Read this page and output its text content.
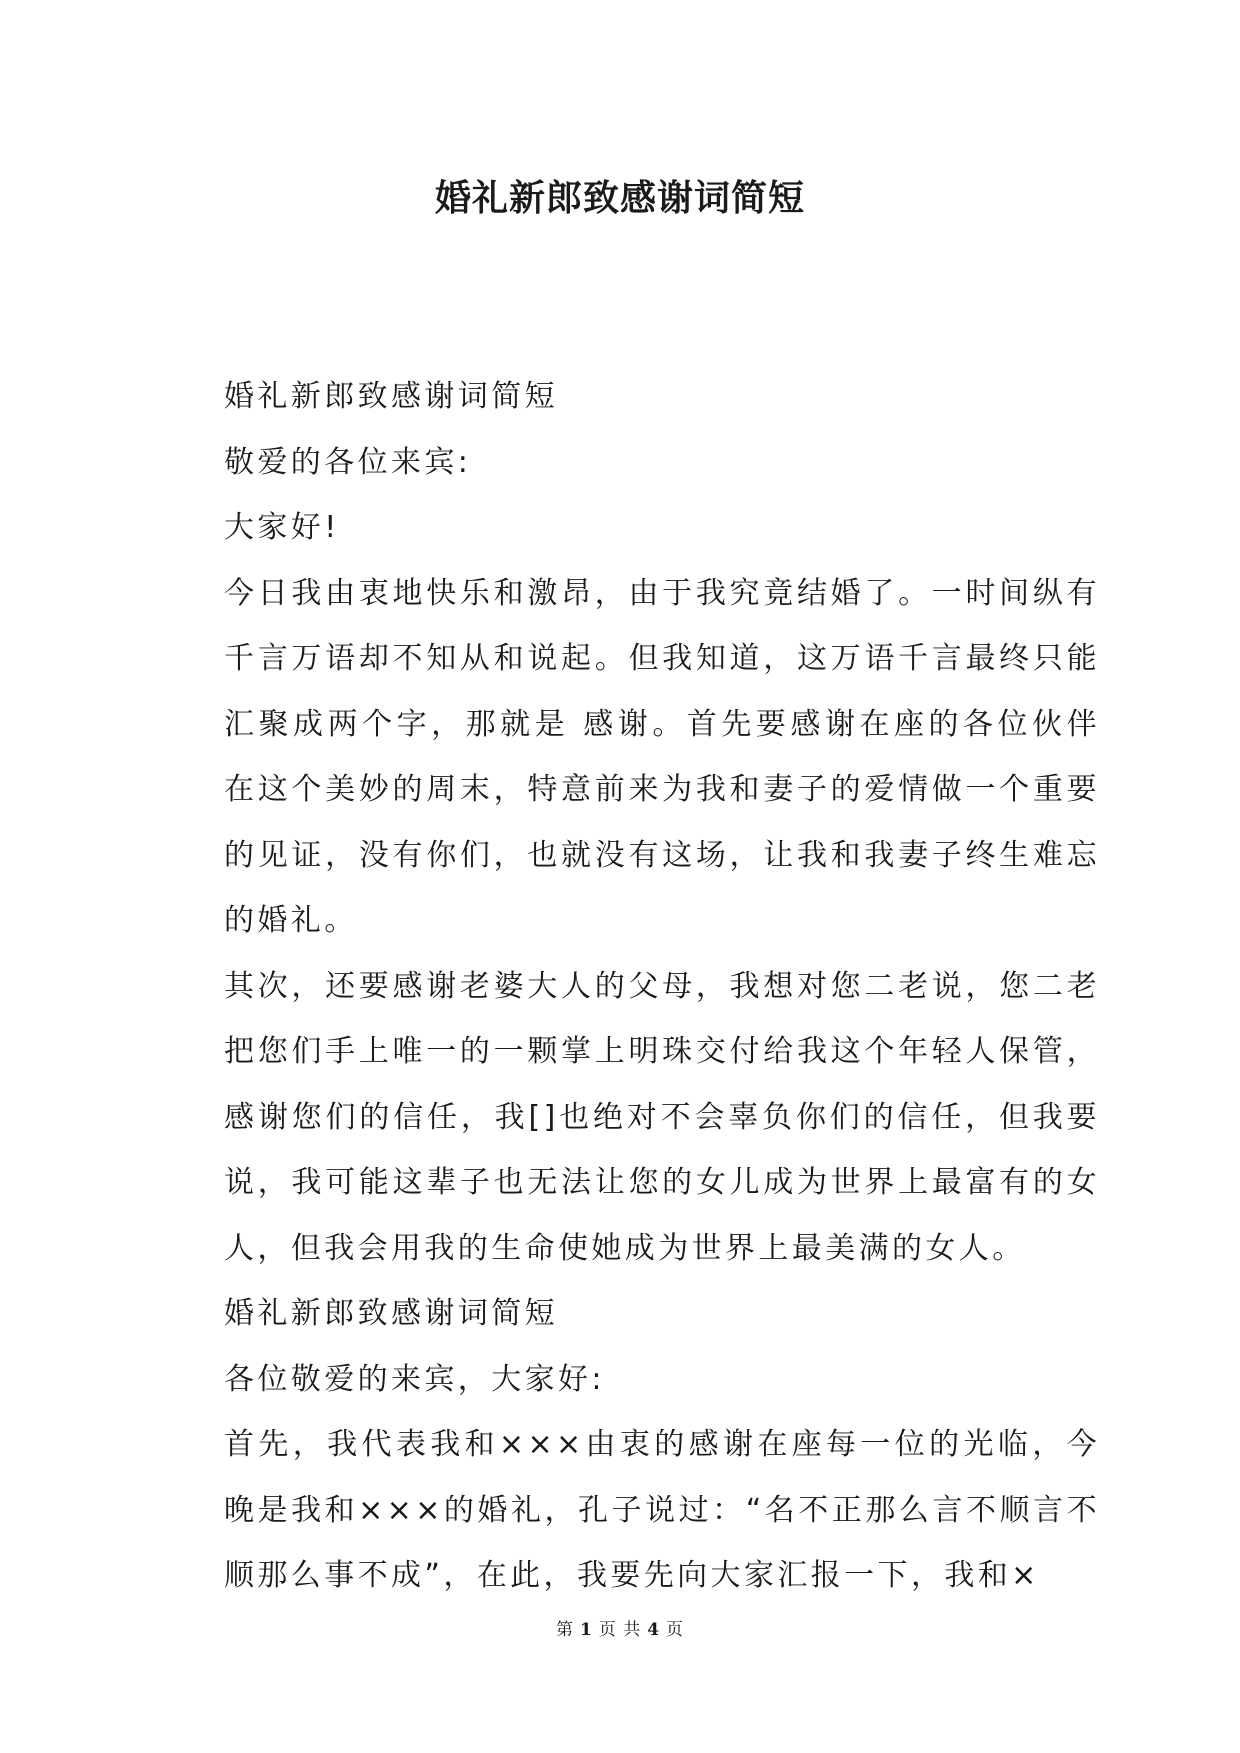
婚礼新郎致感谢词简短

婚礼新郎致感谢词简短

敬爱的各位来宾:

大家好!

今日我由衷地快乐和激昂，由于我究竟结婚了。一时间纵有千言万语却不知从和说起。但我知道，这万语千言最终只能汇聚成两个字，那就是 感谢。首先要感谢在座的各位伙伴在这个美妙的周末，特意前来为我和妻子的爱情做一个重要的见证，没有你们，也就没有这场，让我和我妻子终生难忘的婚礼。

其次，还要感谢老婆大人的父母，我想对您二老说，您二老把您们手上唯一的一颗掌上明珠交付给我这个年轻人保管，感谢您们的信任，我[]也绝对不会辜负你们的信任，但我要说，我可能这辈子也无法让您的女儿成为世界上最富有的女人，但我会用我的生命使她成为世界上最美满的女人。

婚礼新郎致感谢词简短

各位敬爱的来宾，大家好:

首先，我代表我和×××由衷的感谢在座每一位的光临，今晚是我和×××的婚礼，孔子说过：“名不正那么言不顺言不顺那么事不成”，在此，我要先向大家汇报一下，我和×

第 1 页 共 4 页
